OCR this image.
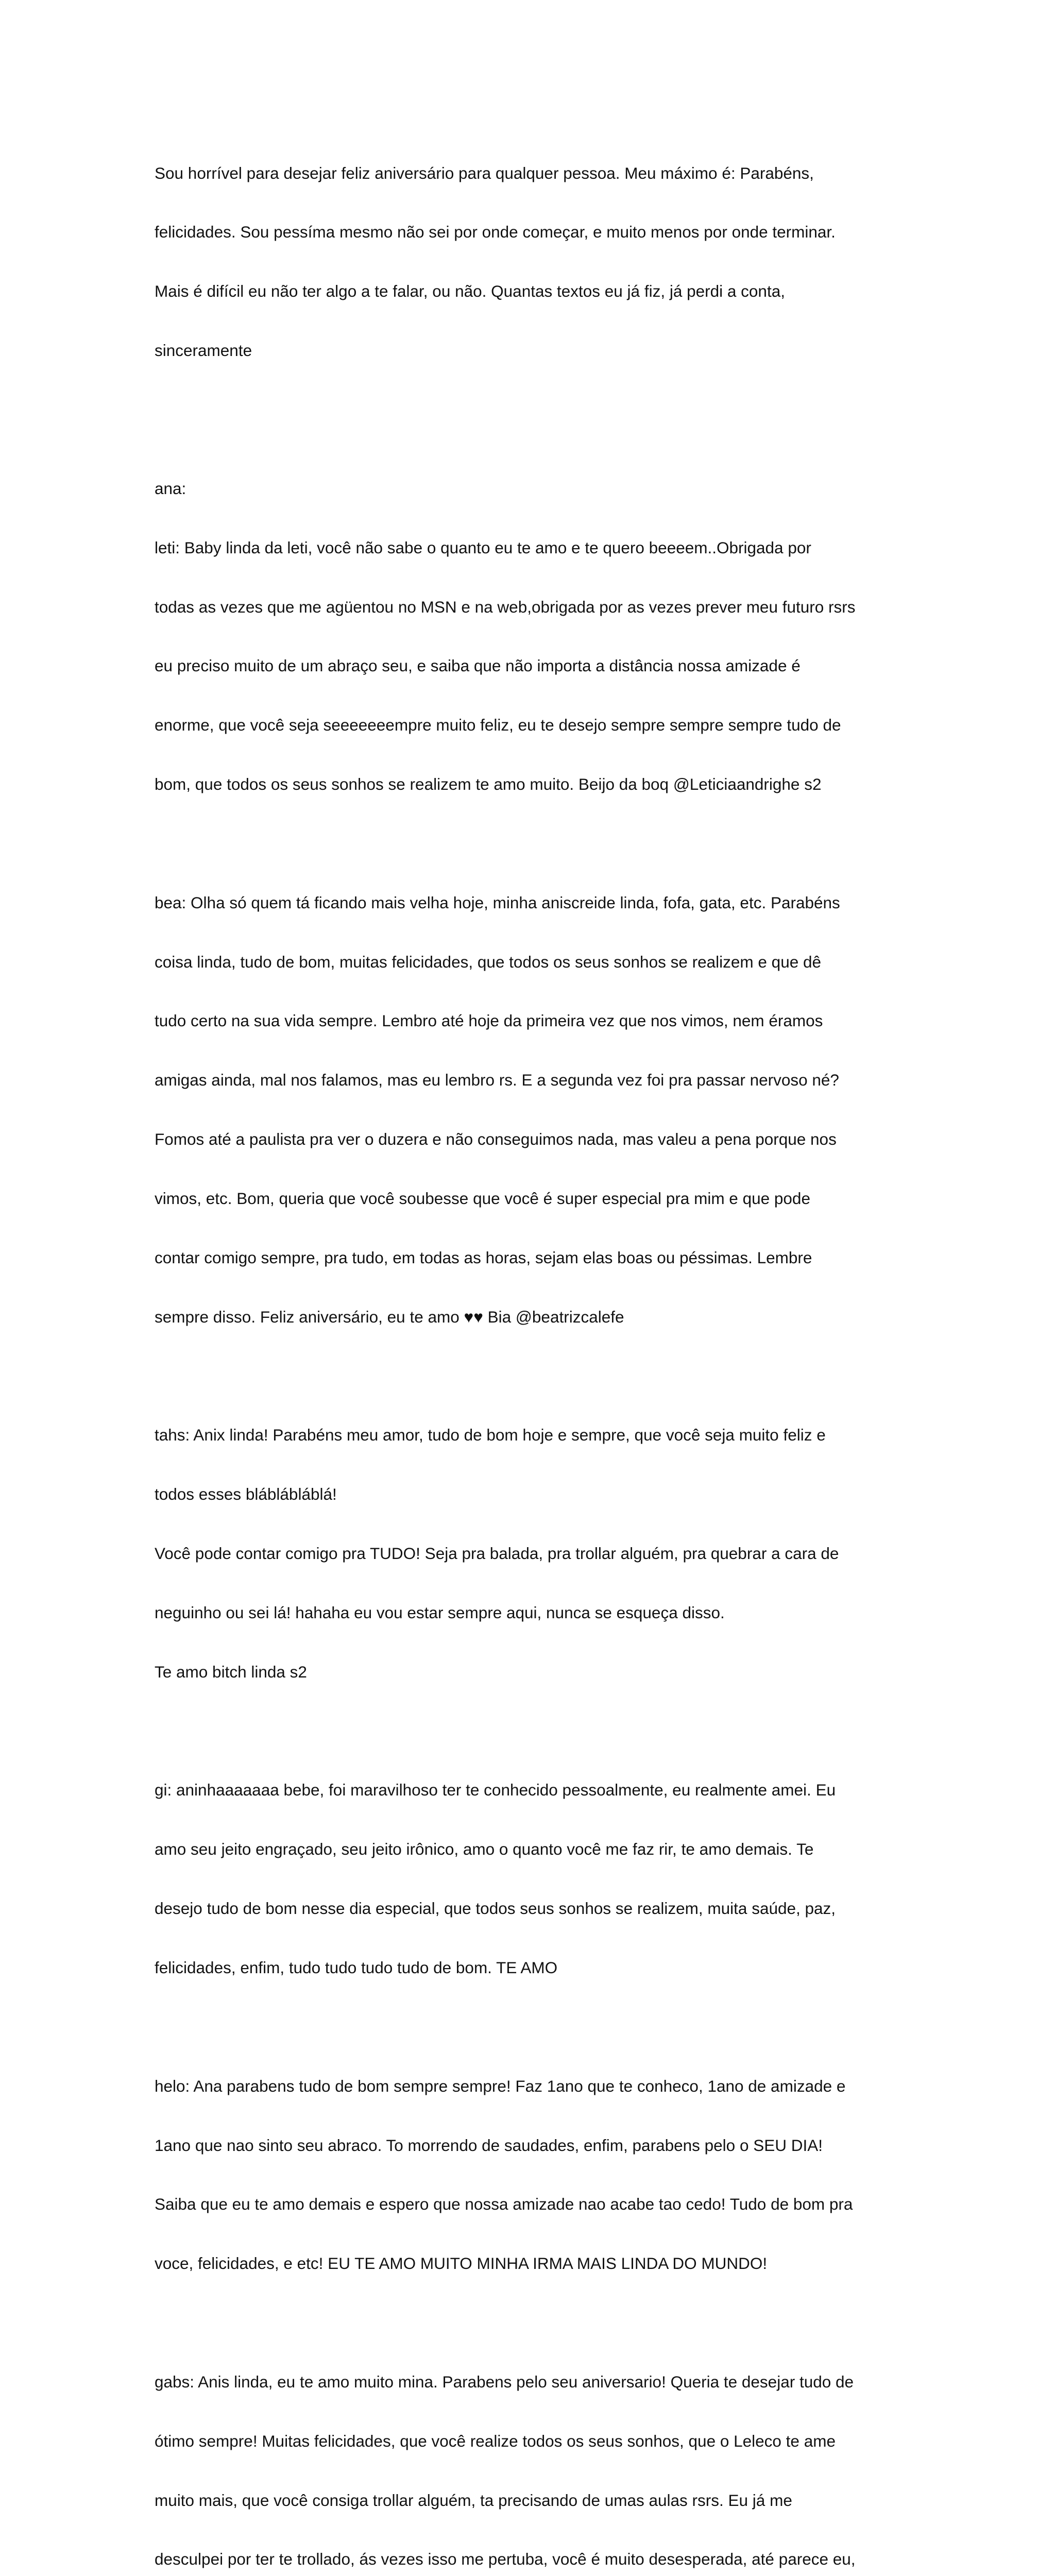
Sou horrível para desejar feliz aniversário para qualquer pessoa. Meu máximo é: Parabéns,

felicidades. Sou pessíma mesmo não sei por onde começar, e muito menos por onde terminar.

Mais é difícil eu não ter algo a te falar, ou não. Quantas textos eu já fiz, já perdi a conta,

sinceramente

ana:

leti: Baby linda da leti, você não sabe o quanto eu te amo e te quero beeeem..Obrigada por

todas as vezes que me agüentou no MSN e na web,obrigada por as vezes prever meu futuro rsrs

eu preciso muito de um abraço seu, e saiba que não importa a distância nossa amizade é

enorme, que você seja seeeeeeempre muito feliz, eu te desejo sempre sempre sempre tudo de

bom, que todos os seus sonhos se realizem te amo muito. Beijo da boq @Leticiaandrighe s2

bea: Olha só quem tá ficando mais velha hoje, minha aniscreide linda, fofa, gata, etc. Parabéns

coisa linda, tudo de bom, muitas felicidades, que todos os seus sonhos se realizem e que dê

tudo certo na sua vida sempre. Lembro até hoje da primeira vez que nos vimos, nem éramos

amigas ainda, mal nos falamos, mas eu lembro rs. E a segunda vez foi pra passar nervoso né?

Fomos até a paulista pra ver o duzera e não conseguimos nada, mas valeu a pena porque nos

vimos, etc. Bom, queria que você soubesse que você é super especial pra mim e que pode

contar comigo sempre, pra tudo, em todas as horas, sejam elas boas ou péssimas. Lembre

sempre disso. Feliz aniversário, eu te amo ♥♥ Bia @beatrizcalefe

tahs: Anix linda! Parabéns meu amor, tudo de bom hoje e sempre, que você seja muito feliz e

todos esses bláblábláblá!

Você pode contar comigo pra TUDO! Seja pra balada, pra trollar alguém, pra quebrar a cara de

neguinho ou sei lá! hahaha eu vou estar sempre aqui, nunca se esqueça disso.

Te amo bitch linda s2

gi: aninhaaaaaaa bebe, foi maravilhoso ter te conhecido pessoalmente, eu realmente amei. Eu

amo seu jeito engraçado, seu jeito irônico, amo o quanto você me faz rir, te amo demais. Te

desejo tudo de bom nesse dia especial, que todos seus sonhos se realizem, muita saúde, paz,

felicidades, enfim, tudo tudo tudo tudo de bom. TE AMO

helo: Ana parabens tudo de bom sempre sempre! Faz 1ano que te conheco, 1ano de amizade e

1ano que nao sinto seu abraco. To morrendo de saudades, enfim, parabens pelo o SEU DIA!

Saiba que eu te amo demais e espero que nossa amizade nao acabe tao cedo! Tudo de bom pra

voce, felicidades, e etc! EU TE AMO MUITO MINHA IRMA MAIS LINDA DO MUNDO!

gabs: Anis linda, eu te amo muito mina. Parabens pelo seu aniversario! Queria te desejar tudo de

ótimo sempre! Muitas felicidades, que você realize todos os seus sonhos, que o Leleco te ame

muito mais, que você consiga trollar alguém, ta precisando de umas aulas rsrs. Eu já me

desculpei por ter te trollado, ás vezes isso me pertuba, você é muito desesperada, até parece eu,
